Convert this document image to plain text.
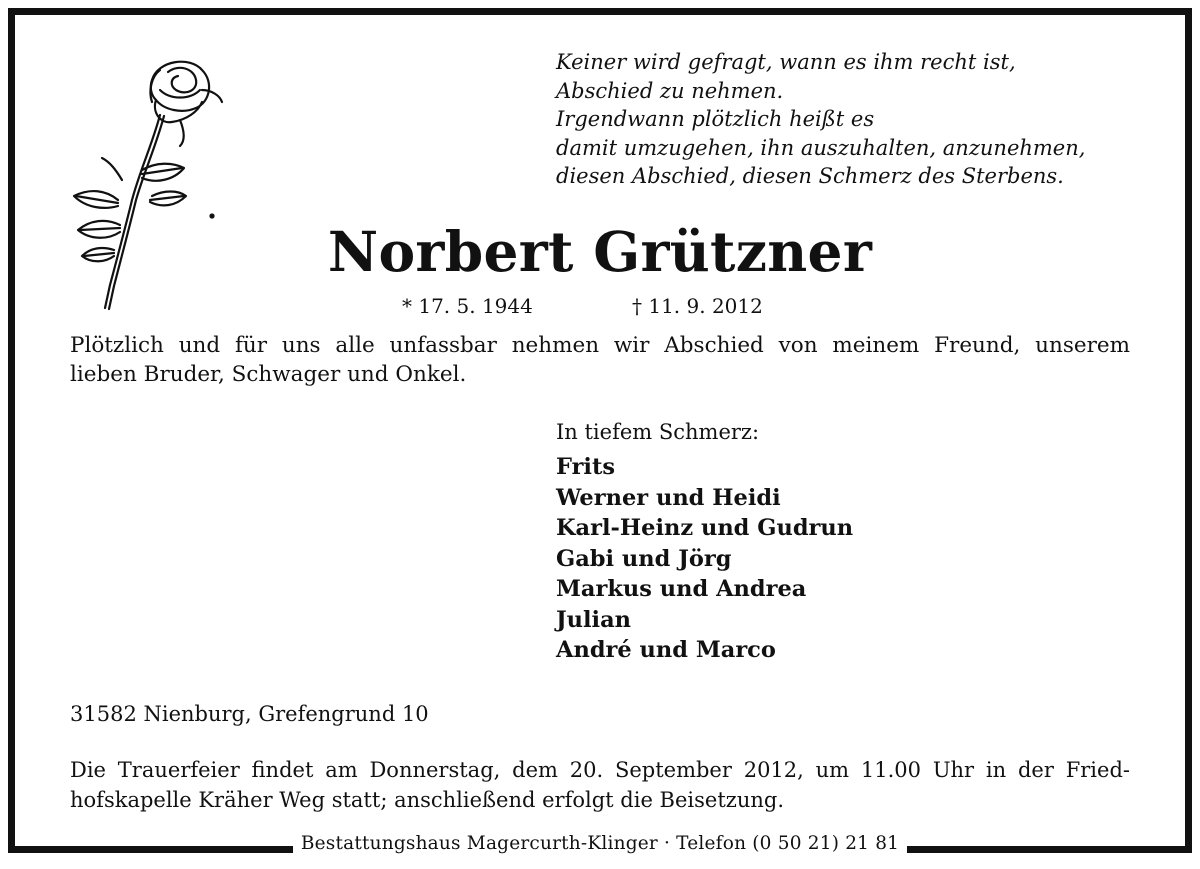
Keiner wird gefragt, wann es ihm recht ist,
Abschied zu nehmen.
Irgendwann plötzlich heißt es
damit umzugehen, ihn auszuhalten, anzunehmen,
diesen Abschied, diesen Schmerz des Sterbens.
Norbert Grützner
* 17. 5. 1944	† 11. 9. 2012
Plötzlich und für uns alle unfassbar nehmen wir Abschied von meinem Freund, unserem
lieben Bruder, Schwager und Onkel.
In tiefem Schmerz:
Frits
Werner und Heidi
Karl-Heinz und Gudrun
Gabi und Jörg
Markus und Andrea
Julian
André und Marco
31582 Nienburg, Grefengrund 10
Die Trauerfeier findet am Donnerstag, dem 20. September 2012, um 11.00 Uhr in der Fried-
hofskapelle Kräher Weg statt; anschließend erfolgt die Beisetzung.
Bestattungshaus Magercurth-Klinger · Telefon (0 50 21) 21 81
